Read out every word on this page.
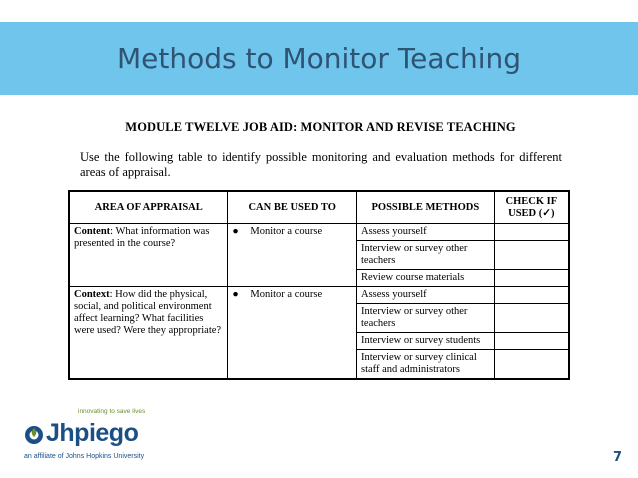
Methods to Monitor Teaching
MODULE TWELVE JOB AID: MONITOR AND REVISE TEACHING
Use the following table to identify possible monitoring and evaluation methods for different areas of appraisal.
AREA OF APPRAISAL	CAN BE USED TO	POSSIBLE METHODS	CHECK IF USED (✓)
Content: What information was presented in the course?	● Monitor a course	Assess yourself	
		Interview or survey other teachers	
		Review course materials	
Context: How did the physical, social, and political environment affect learning? What facilities were used? Were they appropriate?	● Monitor a course	Assess yourself	
		Interview or survey other teachers	
		Interview or survey students	
		Interview or survey clinical staff and administrators	
innovating to save lives
Jhpiego
an affiliate of Johns Hopkins University	7
